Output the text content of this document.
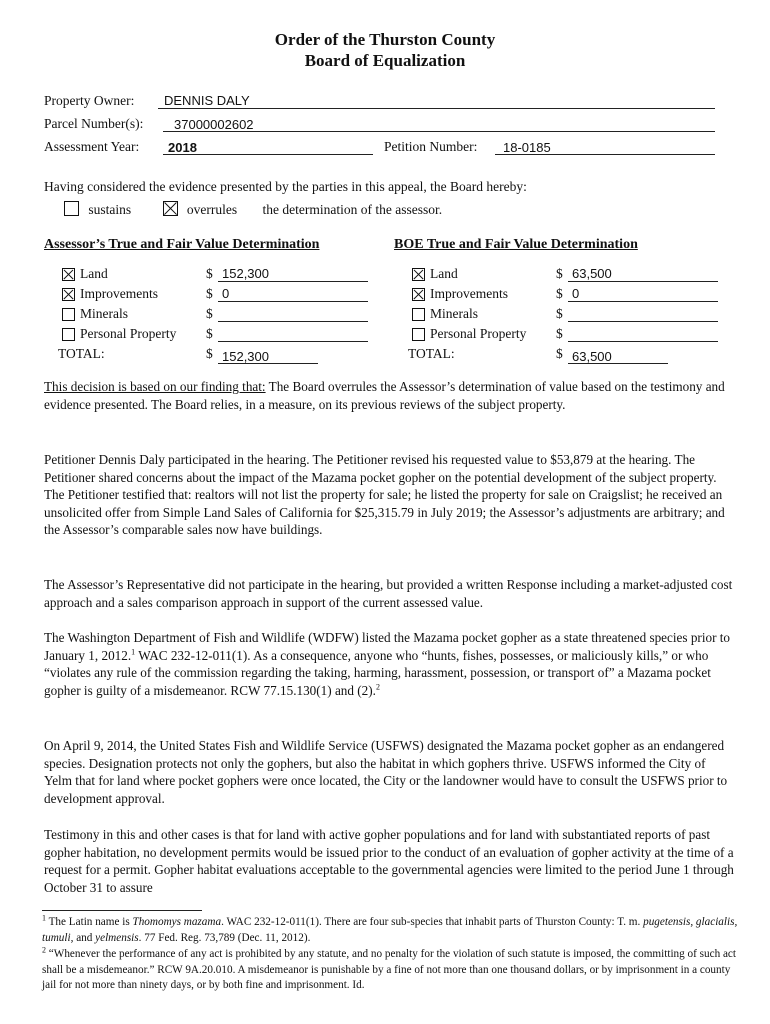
Order of the Thurston County
Board of Equalization
Property Owner: DENNIS DALY
Parcel Number(s): 37000002602
Assessment Year: 2018	Petition Number: 18-0185
Having considered the evidence presented by the parties in this appeal, the Board hereby:
sustains	overrules the determination of the assessor.
Assessor’s True and Fair Value Determination	BOE True and Fair Value Determination
Land	$ 152,300
Improvements	$ 0
Minerals	$
Personal Property $
TOTAL:	$ 152,300
Land	$ 63,500
Improvements	$ 0
Minerals	$
Personal Property $
TOTAL:	$ 63,500
This decision is based on our finding that: The Board overrules the Assessor’s determination of value based on the testimony and evidence presented. The Board relies, in a measure, on its previous reviews of the subject property.
Petitioner Dennis Daly participated in the hearing. The Petitioner revised his requested value to $53,879 at the hearing. The Petitioner shared concerns about the impact of the Mazama pocket gopher on the potential development of the subject property. The Petitioner testified that: realtors will not list the property for sale; he listed the property for sale on Craigslist; he received an unsolicited offer from Simple Land Sales of California for $25,315.79 in July 2019; the Assessor’s adjustments are arbitrary; and the Assessor’s comparable sales now have buildings.
The Assessor’s Representative did not participate in the hearing, but provided a written Response including a market-adjusted cost approach and a sales comparison approach in support of the current assessed value.
The Washington Department of Fish and Wildlife (WDFW) listed the Mazama pocket gopher as a state threatened species prior to January 1, 2012.$^1$ WAC 232-12-011(1). As a consequence, anyone who “hunts, fishes, possesses, or maliciously kills,” or who “violates any rule of the commission regarding the taking, harming, harassment, possession, or transport of” a Mazama pocket gopher is guilty of a misdemeanor. RCW 77.15.130(1) and (2).$^2$
On April 9, 2014, the United States Fish and Wildlife Service (USFWS) designated the Mazama pocket gopher as an endangered species. Designation protects not only the gophers, but also the habitat in which gophers thrive. USFWS informed the City of Yelm that for land where pocket gophers were once located, the City or the landowner would have to consult the USFWS prior to development approval.
Testimony in this and other cases is that for land with active gopher populations and for land with substantiated reports of past gopher habitation, no development permits would be issued prior to the conduct of an evaluation of gopher activity at the time of a request for a permit. Gopher habitat evaluations acceptable to the governmental agencies were limited to the period June 1 through October 31 to assure
$^1$ The Latin name is Thomomys mazama. WAC 232-12-011(1). There are four sub-species that inhabit parts of Thurston County: T. m. pugetensis, glacialis, tumuli, and yelmensis. 77 Fed. Reg. 73,789 (Dec. 11, 2012).
$^2$ “Whenever the performance of any act is prohibited by any statute, and no penalty for the violation of such statute is imposed, the committing of such act shall be a misdemeanor.” RCW 9A.20.010. A misdemeanor is punishable by a fine of not more than one thousand dollars, or by imprisonment in a county jail for not more than ninety days, or by both fine and imprisonment. Id.
